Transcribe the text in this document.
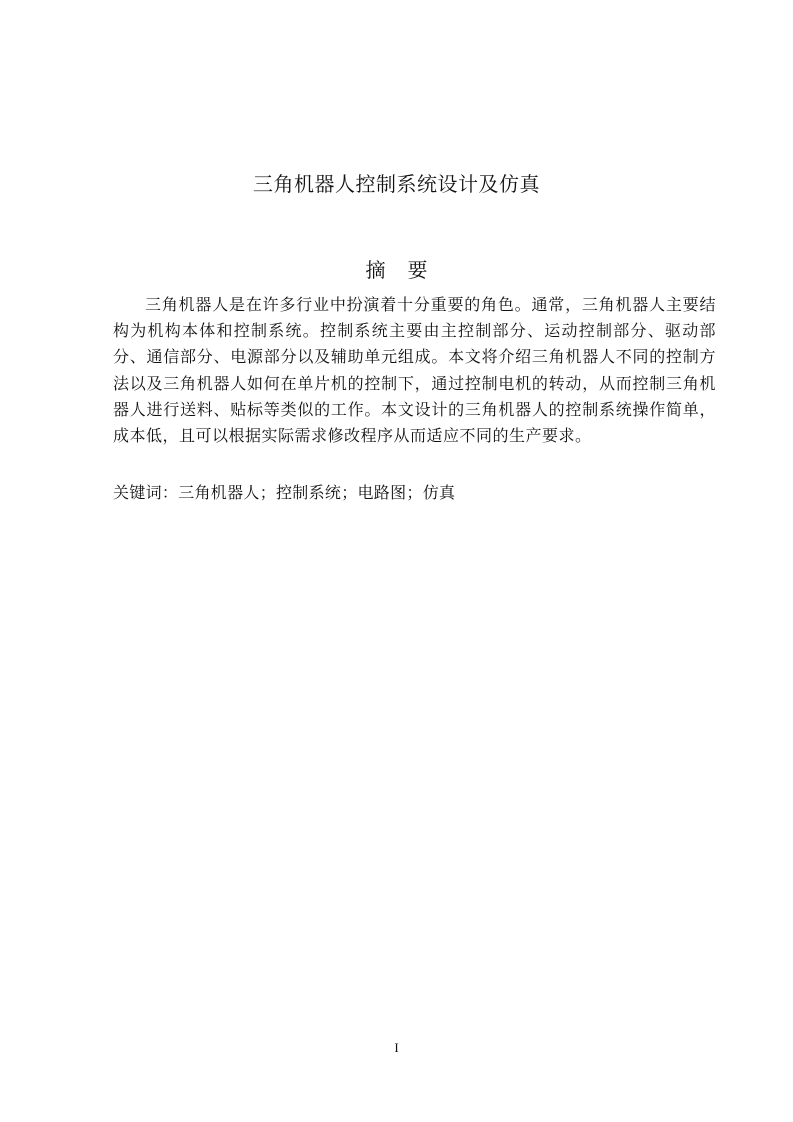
三角机器人控制系统设计及仿真
摘 要

三角机器人是在许多行业中扮演着十分重要的角色。通常，三角机器人主要结构为机构本体和控制系统。控制系统主要由主控制部分、运动控制部分、驱动部分、通信部分、电源部分以及辅助单元组成。本文将介绍三角机器人不同的控制方法以及三角机器人如何在单片机的控制下，通过控制电机的转动，从而控制三角机器人进行送料、贴标等类似的工作。本文设计的三角机器人的控制系统操作简单，成本低，且可以根据实际需求修改程序从而适应不同的生产要求。

关键词：三角机器人；控制系统；电路图；仿真

I
